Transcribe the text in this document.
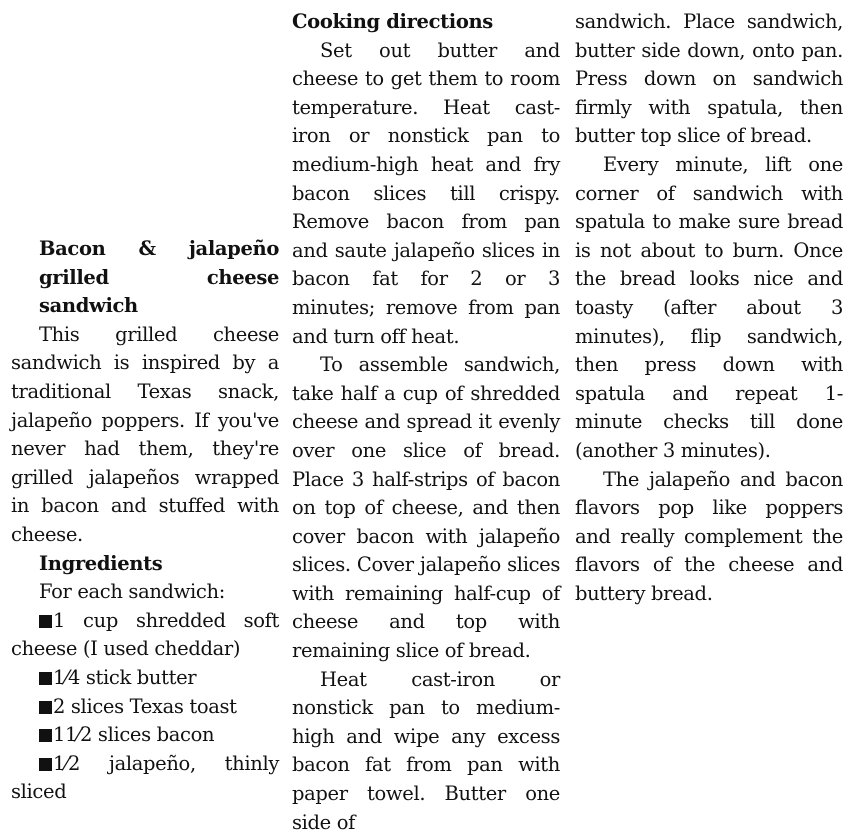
Bacon & jalapeño grilled cheese sandwich

This grilled cheese sandwich is inspired by a traditional Texas snack, jalapeño poppers. If you've never had them, they're grilled jalapeños wrapped in bacon and stuffed with cheese.

Ingredients

For each sandwich:

1 cup shredded soft cheese (I used cheddar)
1⁄4 stick butter
2 slices Texas toast
11⁄2 slices bacon
1⁄2 jalapeño, thinly sliced
Cooking directions

Set out butter and cheese to get them to room temperature. Heat cast-iron or nonstick pan to medium-high heat and fry bacon slices till crispy. Remove bacon from pan and saute jalapeño slices in bacon fat for 2 or 3 minutes; remove from pan and turn off heat.

To assemble sandwich, take half a cup of shredded cheese and spread it evenly over one slice of bread. Place 3 half-strips of bacon on top of cheese, and then cover bacon with jalapeño slices. Cover jalapeño slices with remaining half-cup of cheese and top with remaining slice of bread.

Heat cast-iron or nonstick pan to medium-high and wipe any excess bacon fat from pan with paper towel. Butter one side of

sandwich. Place sandwich, butter side down, onto pan. Press down on sandwich firmly with spatula, then butter top slice of bread.

Every minute, lift one corner of sandwich with spatula to make sure bread is not about to burn. Once the bread looks nice and toasty (after about 3 minutes), flip sandwich, then press down with spatula and repeat 1-minute checks till done (another 3 minutes).

The jalapeño and bacon flavors pop like poppers and really complement the flavors of the cheese and buttery bread.
